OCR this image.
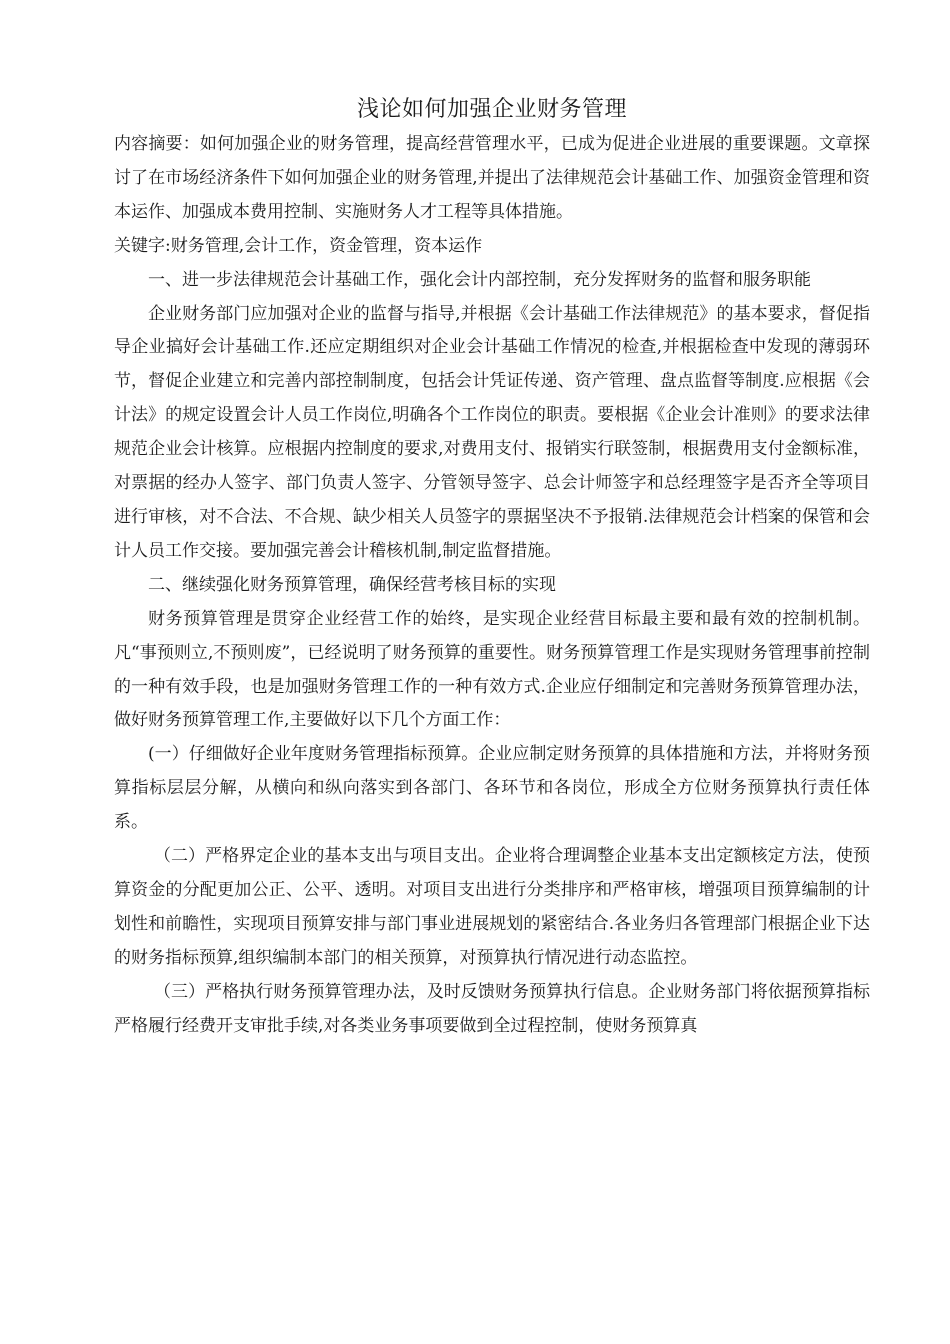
浅论如何加强企业财务管理

内容摘要：如何加强企业的财务管理，提高经营管理水平，已成为促进企业进展的重要课题。文章探讨了在市场经济条件下如何加强企业的财务管理,并提出了法律规范会计基础工作、加强资金管理和资本运作、加强成本费用控制、实施财务人才工程等具体措施。

关键字:财务管理,会计工作，资金管理，资本运作

一、进一步法律规范会计基础工作，强化会计内部控制，充分发挥财务的监督和服务职能

企业财务部门应加强对企业的监督与指导,并根据《会计基础工作法律规范》的基本要求，督促指导企业搞好会计基础工作.还应定期组织对企业会计基础工作情况的检查,并根据检查中发现的薄弱环节，督促企业建立和完善内部控制制度，包括会计凭证传递、资产管理、盘点监督等制度.应根据《会计法》的规定设置会计人员工作岗位,明确各个工作岗位的职责。要根据《企业会计准则》的要求法律规范企业会计核算。应根据内控制度的要求,对费用支付、报销实行联签制，根据费用支付金额标准，对票据的经办人签字、部门负责人签字、分管领导签字、总会计师签字和总经理签字是否齐全等项目进行审核，对不合法、不合规、缺少相关人员签字的票据坚决不予报销.法律规范会计档案的保管和会计人员工作交接。要加强完善会计稽核机制,制定监督措施。

二、继续强化财务预算管理，确保经营考核目标的实现

财务预算管理是贯穿企业经营工作的始终，是实现企业经营目标最主要和最有效的控制机制。凡“事预则立,不预则废”，已经说明了财务预算的重要性。财务预算管理工作是实现财务管理事前控制的一种有效手段，也是加强财务管理工作的一种有效方式.企业应仔细制定和完善财务预算管理办法，做好财务预算管理工作,主要做好以下几个方面工作：

(一）仔细做好企业年度财务管理指标预算。企业应制定财务预算的具体措施和方法，并将财务预算指标层层分解，从横向和纵向落实到各部门、各环节和各岗位，形成全方位财务预算执行责任体系。

（二）严格界定企业的基本支出与项目支出。企业将合理调整企业基本支出定额核定方法，使预算资金的分配更加公正、公平、透明。对项目支出进行分类排序和严格审核，增强项目预算编制的计划性和前瞻性，实现项目预算安排与部门事业进展规划的紧密结合.各业务归各管理部门根据企业下达的财务指标预算,组织编制本部门的相关预算，对预算执行情况进行动态监控。

（三）严格执行财务预算管理办法，及时反馈财务预算执行信息。企业财务部门将依据预算指标严格履行经费开支审批手续,对各类业务事项要做到全过程控制，使财务预算真
